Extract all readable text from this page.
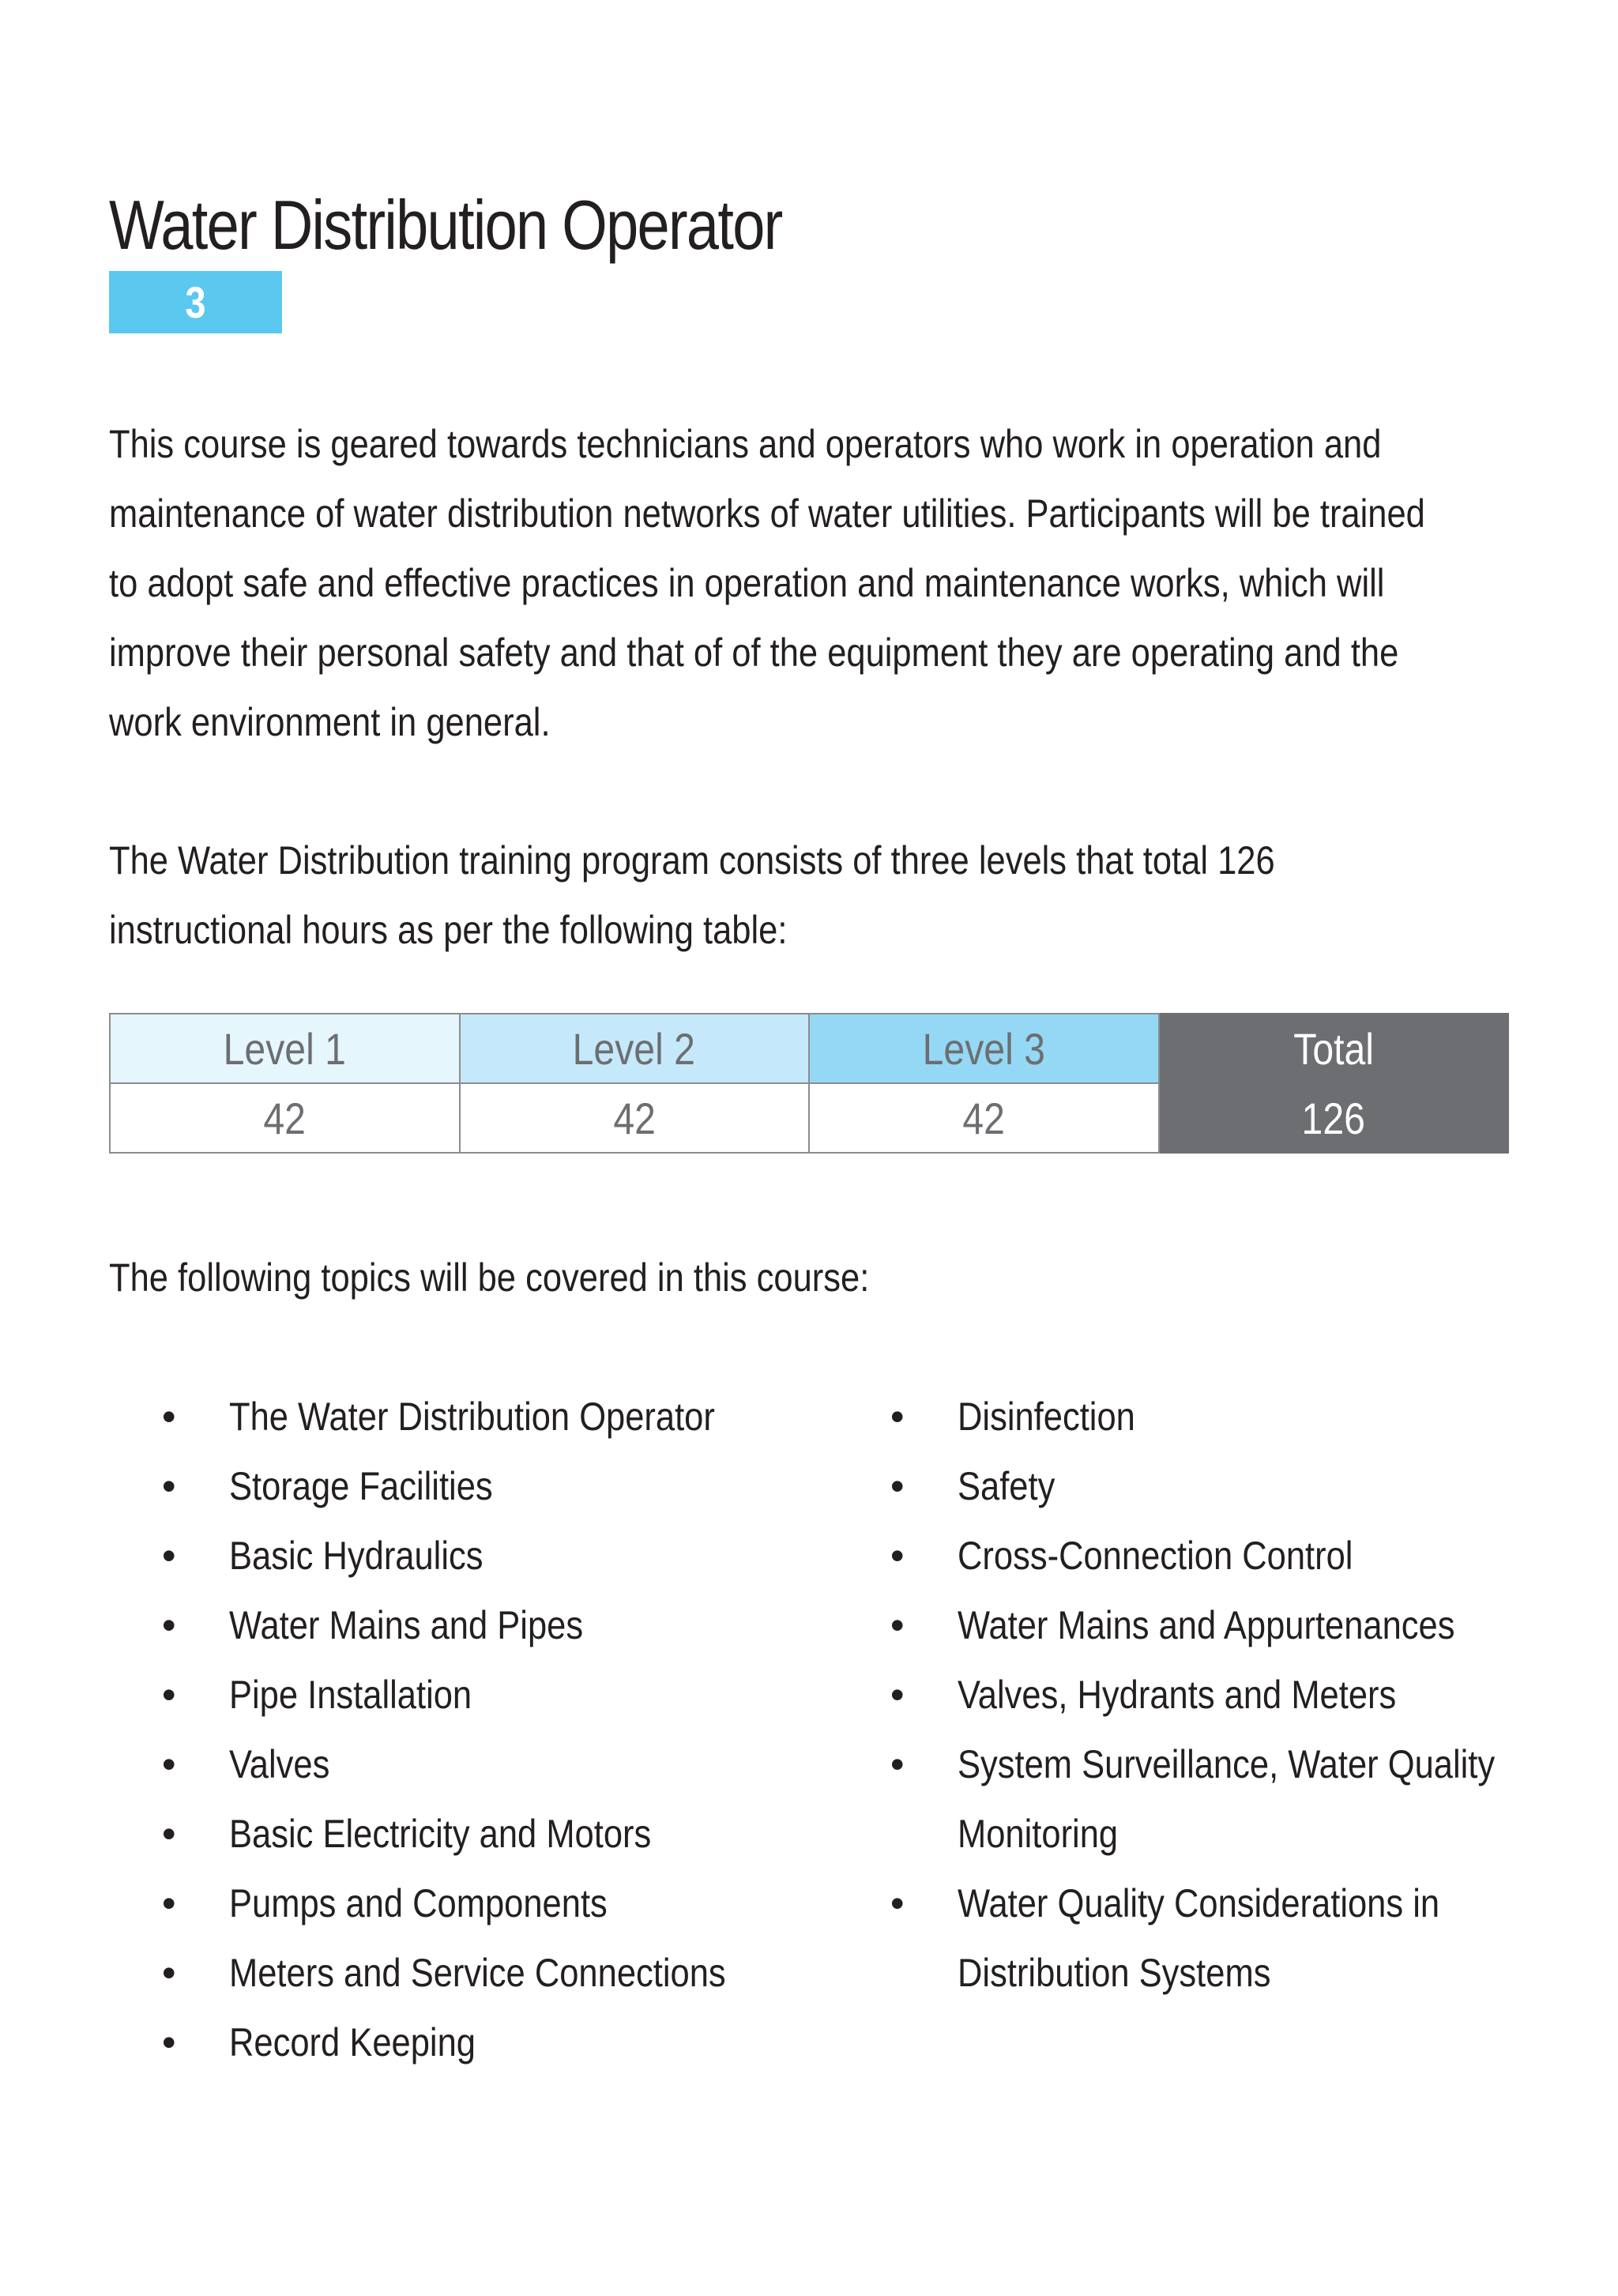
Water Distribution Operator
3 Levels
This course is geared towards technicians and operators who work in operation and
maintenance of water distribution networks of water utilities. Participants will be trained
to adopt safe and effective practices in operation and maintenance works, which will
improve their personal safety and that of of the equipment they are operating and the
work environment in general.
The Water Distribution training program consists of three levels that total 126
instructional hours as per the following table:
Level 1	Level 2	Level 3	Total
42	42	42	126
The following topics will be covered in this course:
• The Water Distribution Operator
• Storage Facilities
• Basic Hydraulics
• Water Mains and Pipes
• Pipe Installation
• Valves
• Basic Electricity and Motors
• Pumps and Components
• Meters and Service Connections
• Record Keeping
• Disinfection
• Safety
• Cross-Connection Control
• Water Mains and Appurtenances
• Valves, Hydrants and Meters
• System Surveillance, Water Quality
Monitoring
• Water Quality Considerations in
Distribution Systems
